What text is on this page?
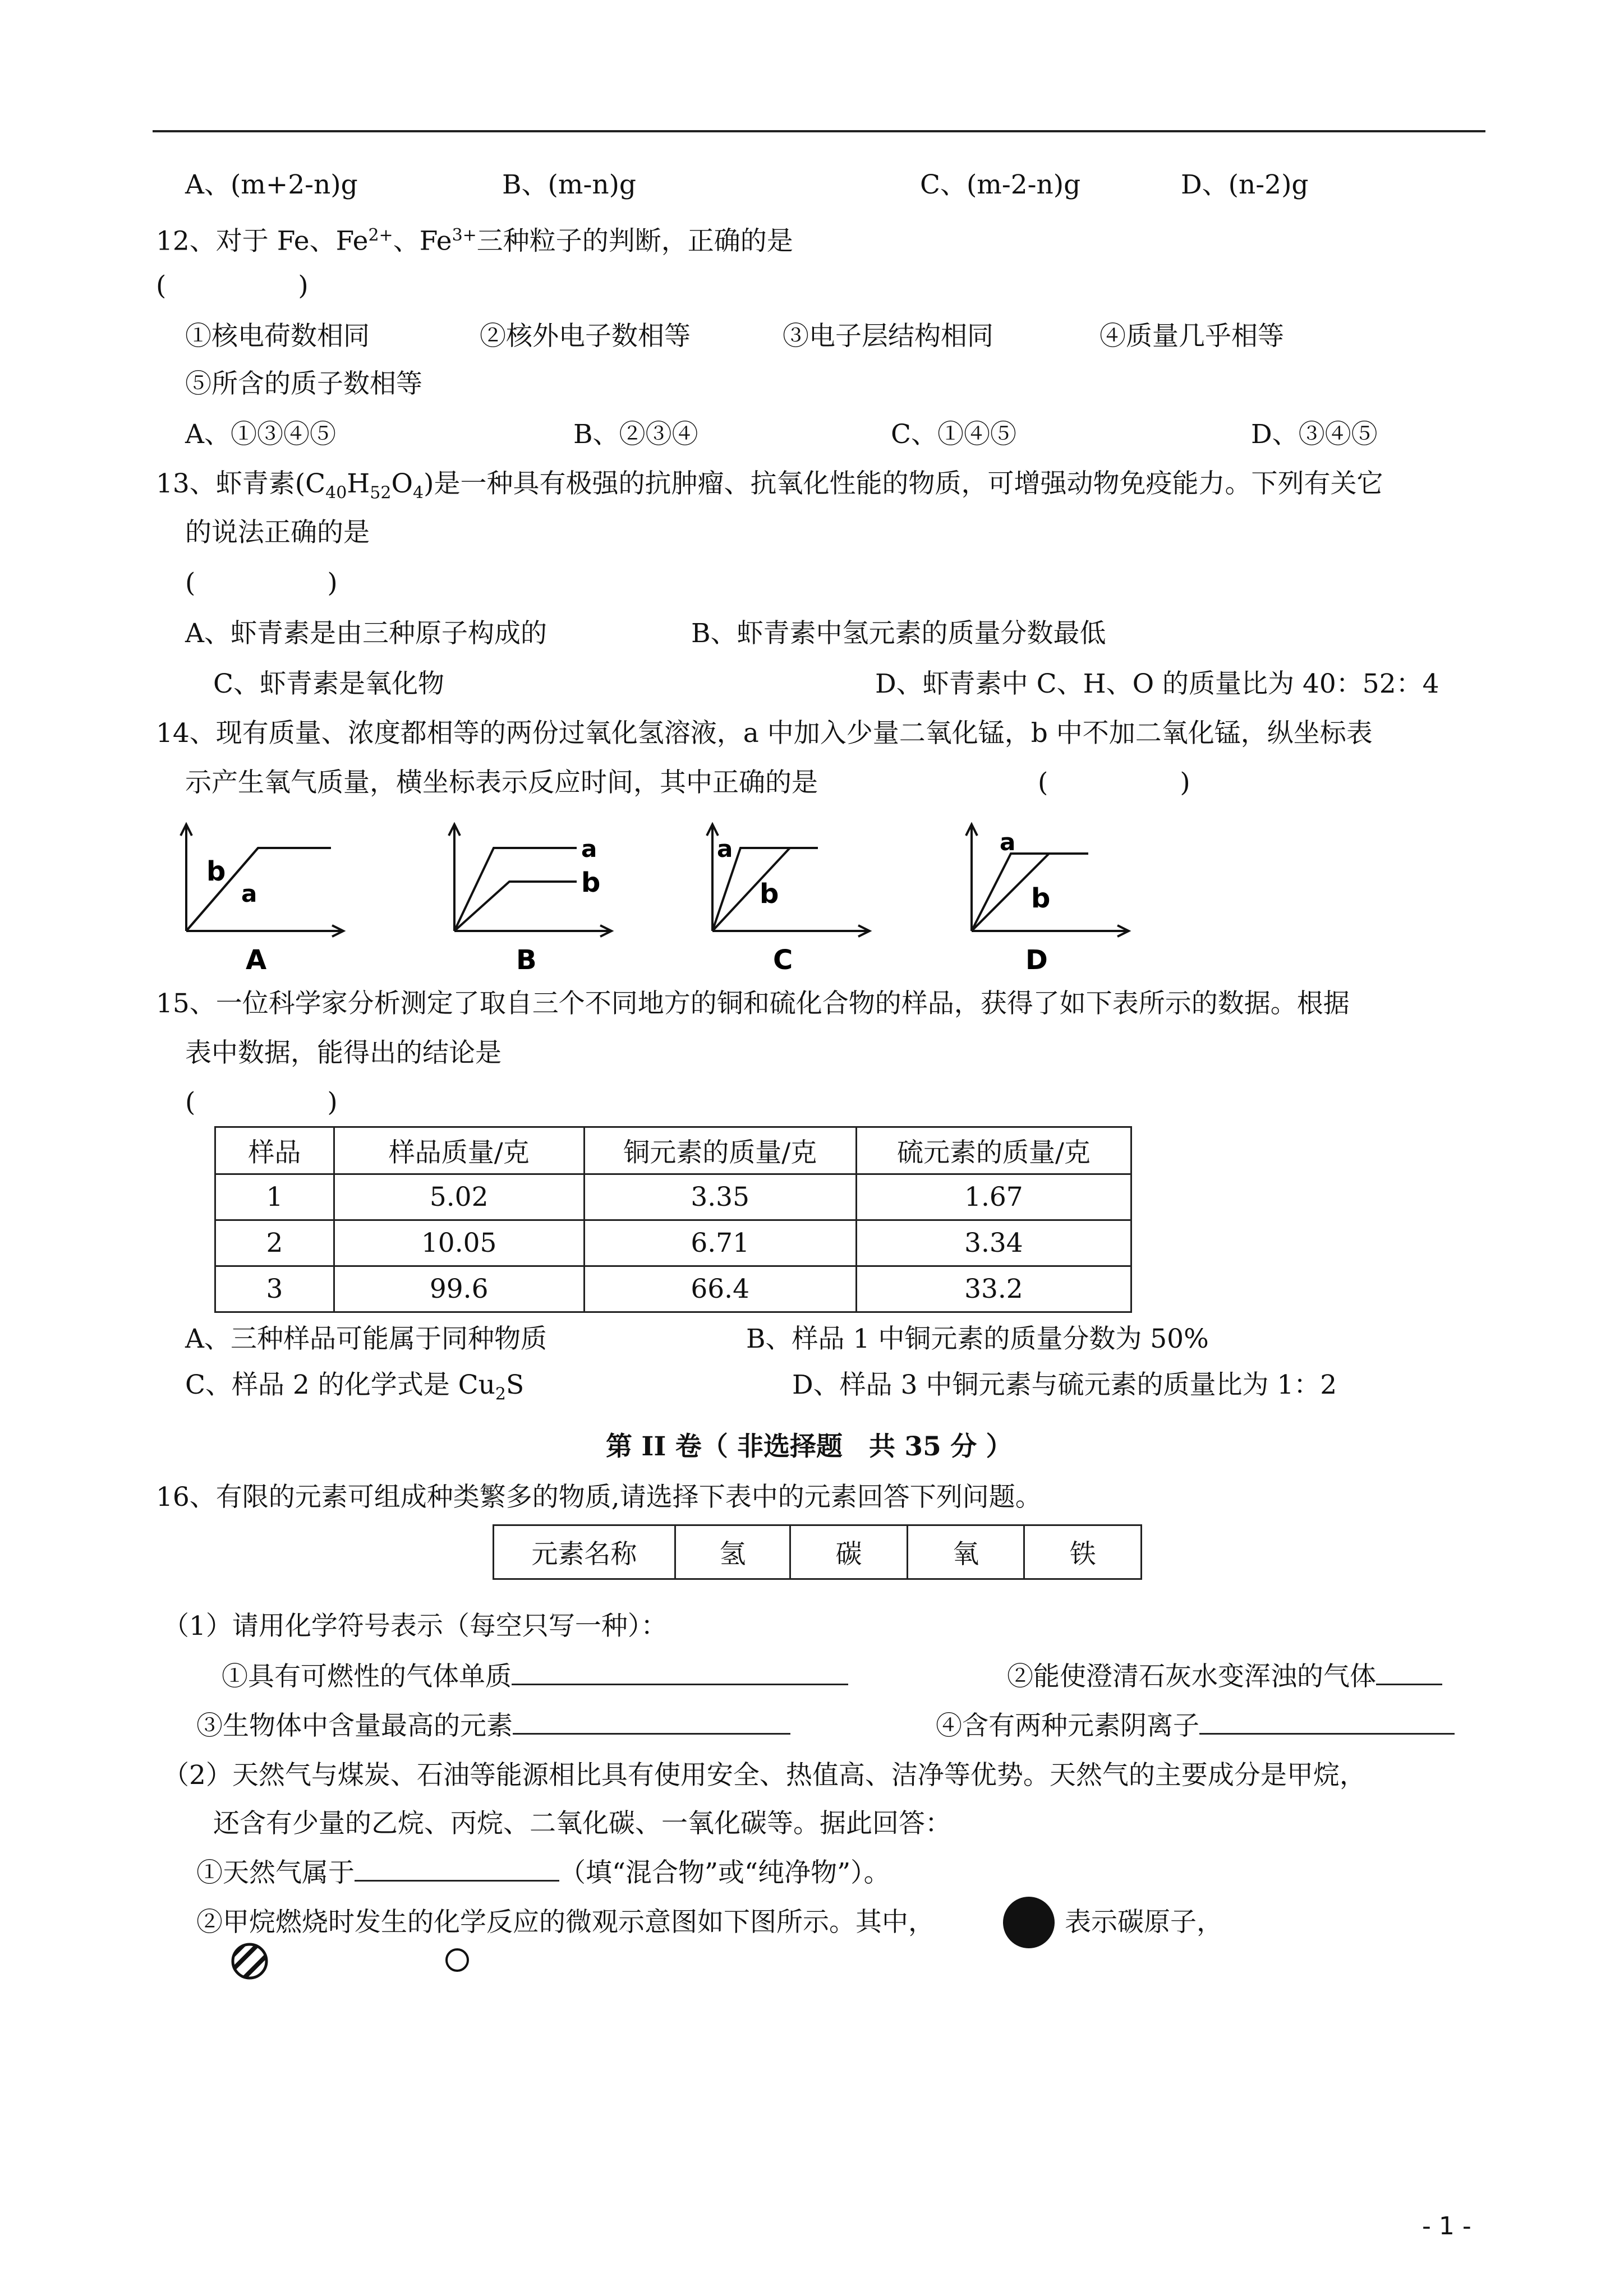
A、(m+2-n)g	B、(m-n)g	C、(m-2-n)g	D、(n-2)g
12、对于 Fe、$Fe^{2+}$、$Fe^{3+}$三种粒子的判断，正确的是
(　　　　　)
①核电荷数相同	②核外电子数相等	③电子层结构相同	④质量几乎相等
⑤所含的质子数相等
A、①③④⑤	B、②③④	C、①④⑤	D、③④⑤
13、虾青素$(C_{40}H_{52}O_4)$是一种具有极强的抗肿瘤、抗氧化性能的物质，可增强动物免疫能力。下列有关它
的说法正确的是
(　　　　　)
A、虾青素是由三种原子构成的	B、虾青素中氢元素的质量分数最低
C、虾青素是氧化物	D、虾青素中 C、H、O 的质量比为 40：52：4
14、现有质量、浓度都相等的两份过氧化氢溶液，a 中加入少量二氧化锰，b 中不加二氧化锰，纵坐标表
示产生氧气质量，横坐标表示反应时间，其中正确的是	(　　　　　)
b
a
A
a
b
B
a
b
C
a
b
D
15、一位科学家分析测定了取自三个不同地方的铜和硫化合物的样品，获得了如下表所示的数据。根据
表中数据，能得出的结论是
(　　　　　)
样品	样品质量/克	铜元素的质量/克	硫元素的质量/克
1	5.02	3.35	1.67
2	10.05	6.71	3.34
3	99.6	66.4	33.2
A、三种样品可能属于同种物质	B、样品 1 中铜元素的质量分数为 50%
C、样品 2 的化学式是 $Cu_2S$	D、样品 3 中铜元素与硫元素的质量比为 1：2
第 II 卷（ 非选择题　共 35 分 ）
16、有限的元素可组成种类繁多的物质,请选择下表中的元素回答下列问题。
元素名称	氢	碳	氧	铁
（1）请用化学符号表示（每空只写一种）：
①具有可燃性的气体单质	②能使澄清石灰水变浑浊的气体
③生物体中含量最高的元素	④含有两种元素阴离子
（2）天然气与煤炭、石油等能源相比具有使用安全、热值高、洁净等优势。天然气的主要成分是甲烷，
还含有少量的乙烷、丙烷、二氧化碳、一氧化碳等。据此回答：
①天然气属于	（填“混合物”或“纯净物”）。
②甲烷燃烧时发生的化学反应的微观示意图如下图所示。其中，	表示碳原子，
- 1 -
